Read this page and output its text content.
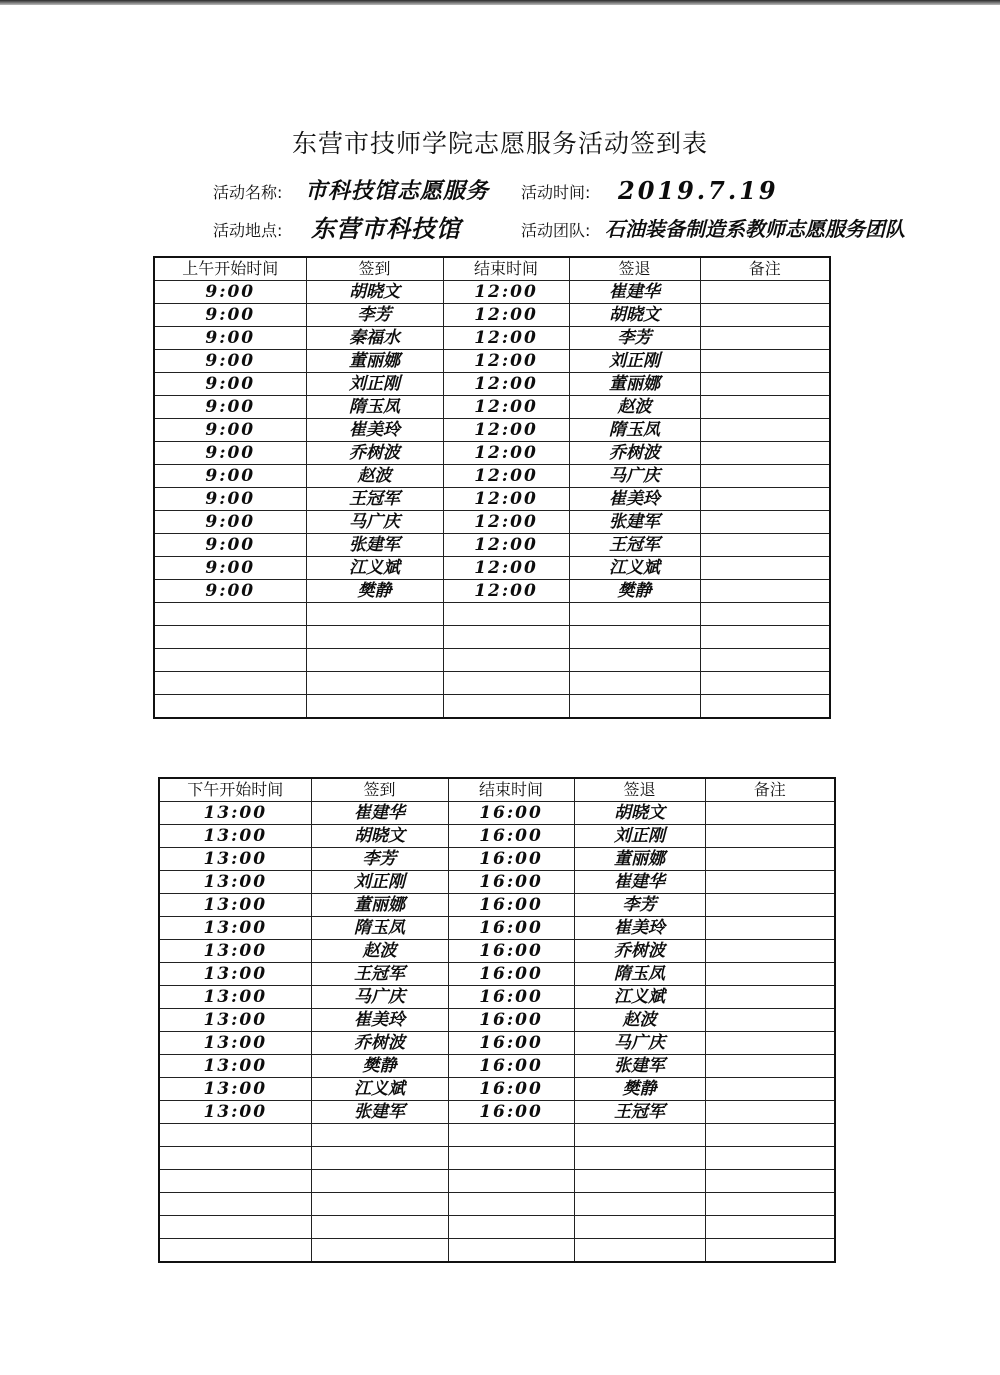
东营市技师学院志愿服务活动签到表
活动名称: 市科技馆志愿服务 活动时间: 2019.7.19
活动地点: 东营市科技馆	活动团队: 石油装备制造系教师志愿服务团队
上午开始时间	签到	结束时间	签退	备注
9:00	胡晓文	12:00	崔建华	
9:00	李芳	12:00	胡晓文	
9:00	秦福水	12:00	李芳	
9:00	董丽娜	12:00	刘正刚	
9:00	刘正刚	12:00	董丽娜	
9:00	隋玉凤	12:00	赵波	
9:00	崔美玲	12:00	隋玉凤	
9:00	乔树波	12:00	乔树波	
9:00	赵波	12:00	马广庆	
9:00	王冠军	12:00	崔美玲	
9:00	马广庆	12:00	张建军	
9:00	张建军	12:00	王冠军	
9:00	江义斌	12:00	江义斌	
9:00	樊静	12:00	樊静	

下午开始时间	签到	结束时间	签退	备注
13:00	崔建华	16:00	胡晓文	
13:00	胡晓文	16:00	刘正刚	
13:00	李芳	16:00	董丽娜	
13:00	刘正刚	16:00	崔建华	
13:00	董丽娜	16:00	李芳	
13:00	隋玉凤	16:00	崔美玲	
13:00	赵波	16:00	乔树波	
13:00	王冠军	16:00	隋玉凤	
13:00	马广庆	16:00	江义斌	
13:00	崔美玲	16:00	赵波	
13:00	乔树波	16:00	马广庆	
13:00	樊静	16:00	张建军	
13:00	江义斌	16:00	樊静	
13:00	张建军	16:00	王冠军	
